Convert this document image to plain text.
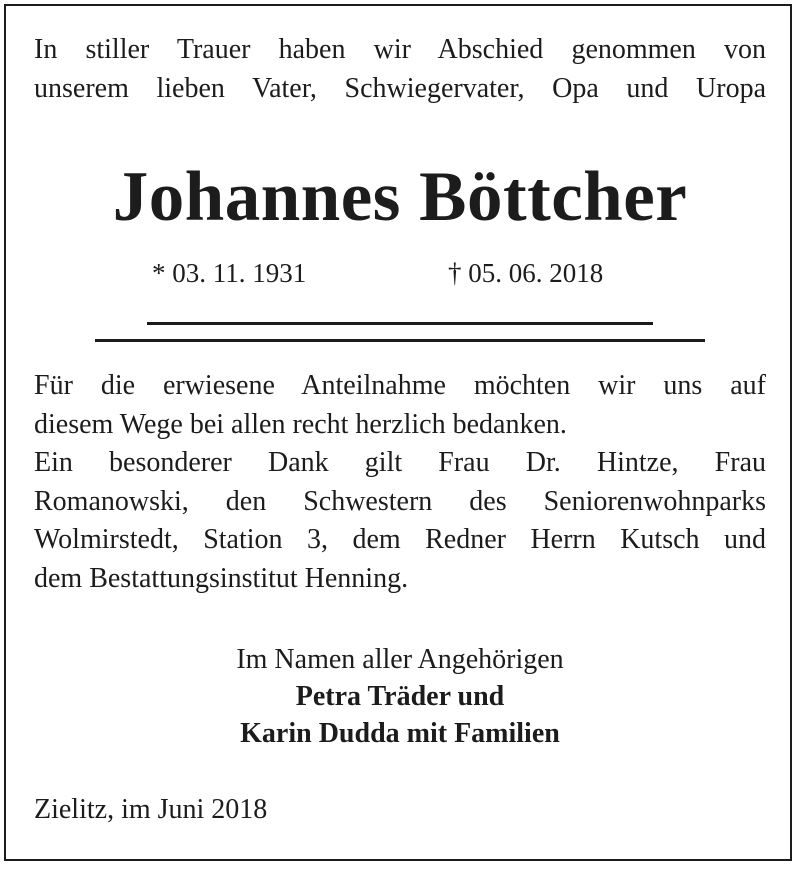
In stiller Trauer haben wir Abschied genommen von
unserem lieben Vater, Schwiegervater, Opa und Uropa
Johannes Böttcher
* 03. 11. 1931	† 05. 06. 2018
Für die erwiesene Anteilnahme möchten wir uns auf
diesem Wege bei allen recht herzlich bedanken.
Ein besonderer Dank gilt Frau Dr. Hintze, Frau
Romanowski, den Schwestern des Seniorenwohnparks
Wolmirstedt, Station 3, dem Redner Herrn Kutsch und
dem Bestattungsinstitut Henning.
Im Namen aller Angehörigen
Petra Träder und
Karin Dudda mit Familien
Zielitz, im Juni 2018
